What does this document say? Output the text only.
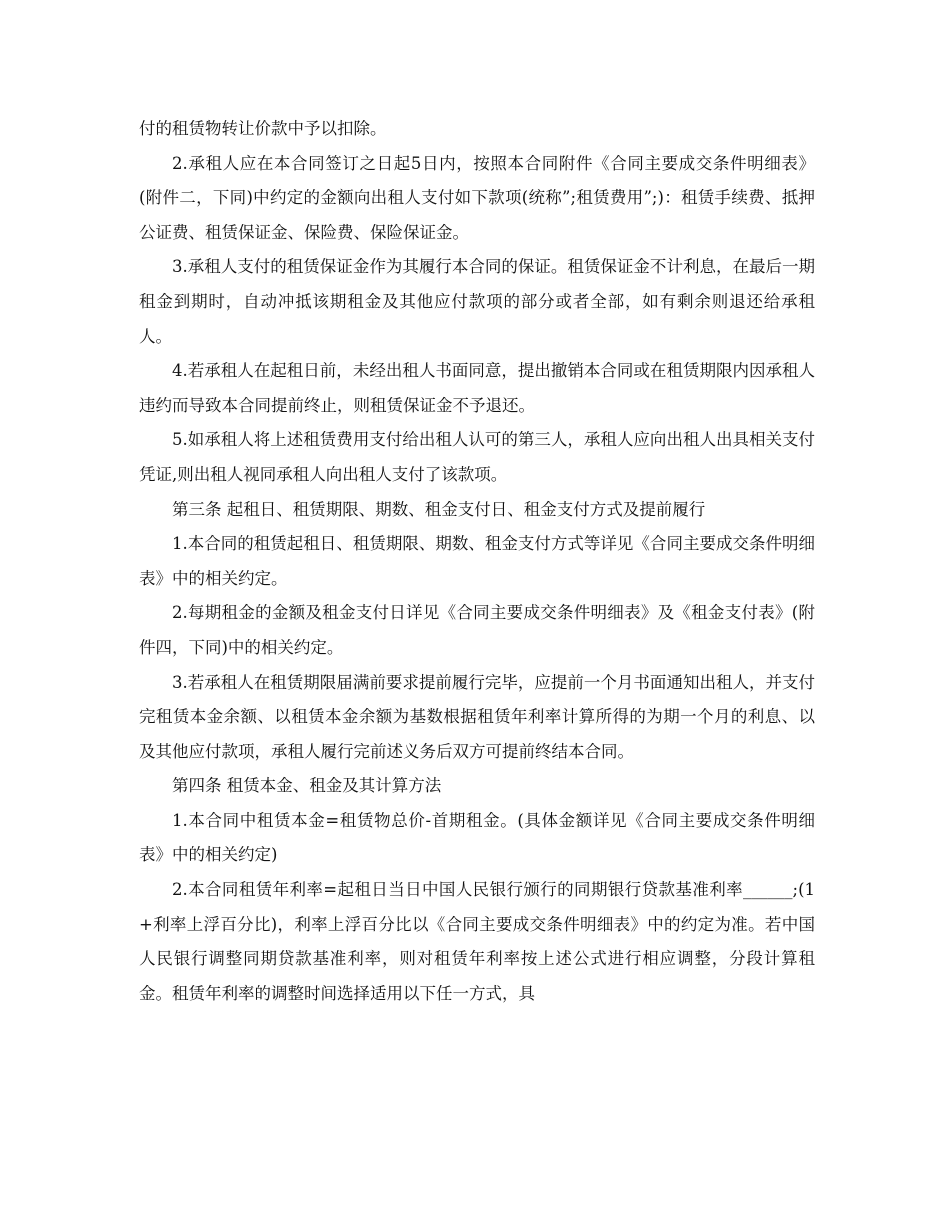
付的租赁物转让价款中予以扣除。

2.承租人应在本合同签订之日起5日内，按照本合同附件《合同主要成交条件明细表》(附件二，下同)中约定的金额向出租人支付如下款项(统称”;租赁费用”;)：租赁手续费、抵押公证费、租赁保证金、保险费、保险保证金。

3.承租人支付的租赁保证金作为其履行本合同的保证。租赁保证金不计利息，在最后一期租金到期时，自动冲抵该期租金及其他应付款项的部分或者全部，如有剩余则退还给承租人。

4.若承租人在起租日前，未经出租人书面同意，提出撤销本合同或在租赁期限内因承租人违约而导致本合同提前终止，则租赁保证金不予退还。

5.如承租人将上述租赁费用支付给出租人认可的第三人，承租人应向出租人出具相关支付凭证,则出租人视同承租人向出租人支付了该款项。

第三条 起租日、租赁期限、期数、租金支付日、租金支付方式及提前履行

1.本合同的租赁起租日、租赁期限、期数、租金支付方式等详见《合同主要成交条件明细表》中的相关约定。

2.每期租金的金额及租金支付日详见《合同主要成交条件明细表》及《租金支付表》(附件四，下同)中的相关约定。

3.若承租人在租赁期限届满前要求提前履行完毕，应提前一个月书面通知出租人，并支付完租赁本金余额、以租赁本金余额为基数根据租赁年利率计算所得的为期一个月的利息、以及其他应付款项，承租人履行完前述义务后双方可提前终结本合同。

第四条 租赁本金、租金及其计算方法

1.本合同中租赁本金=租赁物总价-首期租金。(具体金额详见《合同主要成交条件明细表》中的相关约定)

2.本合同租赁年利率=起租日当日中国人民银行颁行的同期银行贷款基准利率______;(1+利率上浮百分比)，利率上浮百分比以《合同主要成交条件明细表》中的约定为准。若中国人民银行调整同期贷款基准利率，则对租赁年利率按上述公式进行相应调整，分段计算租金。租赁年利率的调整时间选择适用以下任一方式，具
